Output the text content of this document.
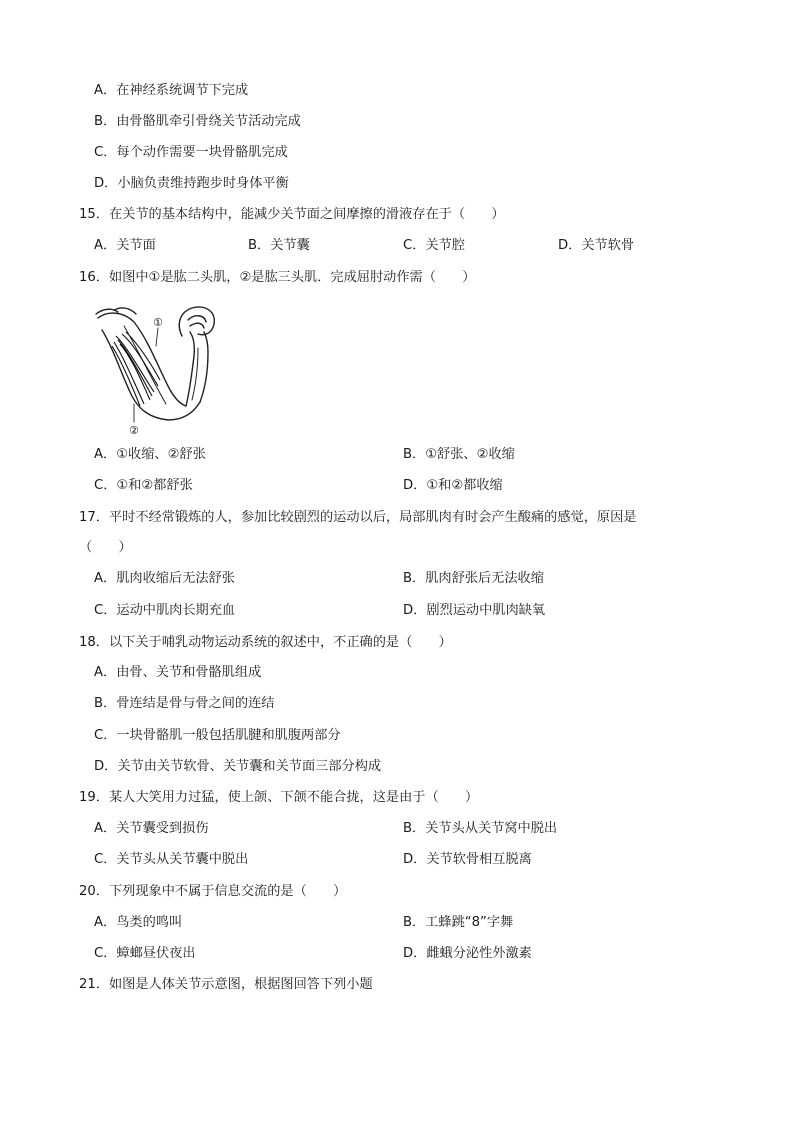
A．在神经系统调节下完成
B．由骨骼肌牵引骨绕关节活动完成
C．每个动作需要一块骨骼肌完成
D．小脑负责维持跑步时身体平衡
15．在关节的基本结构中，能减少关节面之间摩擦的滑液存在于（　　）
A．关节面	B．关节囊	C．关节腔	D．关节软骨
16．如图中①是肱二头肌，②是肱三头肌．完成屈肘动作需（　　）
①
②
A．①收缩、②舒张	B．①舒张、②收缩
C．①和②都舒张	D．①和②都收缩
17．平时不经常锻炼的人，参加比较剧烈的运动以后，局部肌肉有时会产生酸痛的感觉，原因是
（　　）
A．肌肉收缩后无法舒张	B．肌肉舒张后无法收缩
C．运动中肌肉长期充血	D．剧烈运动中肌肉缺氧
18．以下关于哺乳动物运动系统的叙述中，不正确的是（　　）
A．由骨、关节和骨骼肌组成
B．骨连结是骨与骨之间的连结
C．一块骨骼肌一般包括肌腱和肌腹两部分
D．关节由关节软骨、关节囊和关节面三部分构成
19．某人大笑用力过猛，使上颌、下颌不能合拢，这是由于（　　）
A．关节囊受到损伤	B．关节头从关节窝中脱出
C．关节头从关节囊中脱出	D．关节软骨相互脱离
20．下列现象中不属于信息交流的是（　　）
A．鸟类的鸣叫	B．工蜂跳“8”字舞
C．蟑螂昼伏夜出	D．雌蛾分泌性外激素
21．如图是人体关节示意图，根据图回答下列小题
